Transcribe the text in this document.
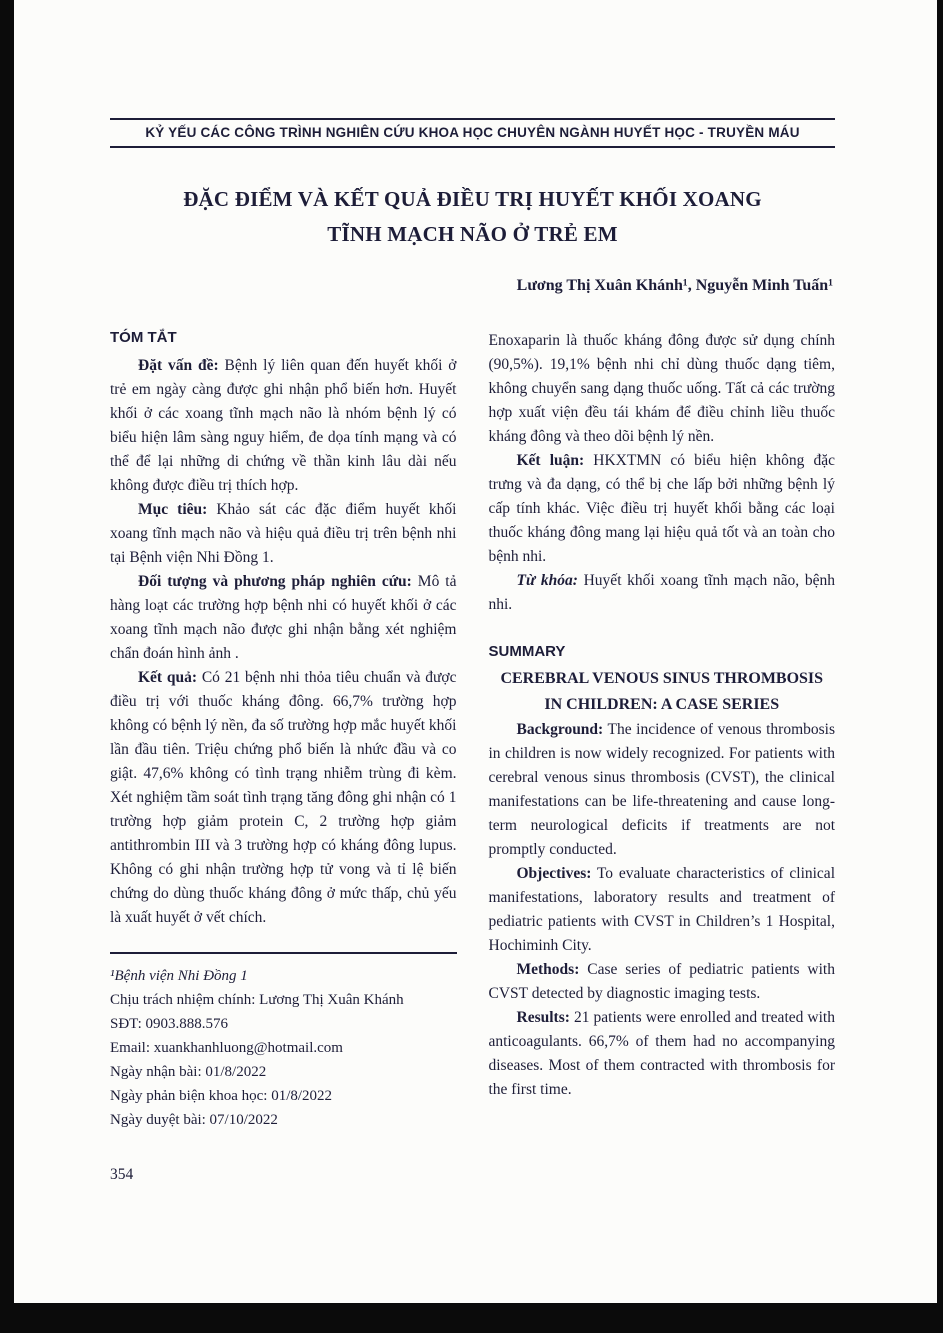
KỶ YẾU CÁC CÔNG TRÌNH NGHIÊN CỨU KHOA HỌC CHUYÊN NGÀNH HUYẾT HỌC - TRUYỀN MÁU
ĐẶC ĐIỂM VÀ KẾT QUẢ ĐIỀU TRỊ HUYẾT KHỐI XOANG
TĨNH MẠCH NÃO Ở TRẺ EM
Lương Thị Xuân Khánh¹, Nguyễn Minh Tuấn¹
TÓM TẮT

Đặt vấn đề: Bệnh lý liên quan đến huyết khối ở trẻ em ngày càng được ghi nhận phổ biến hơn. Huyết khối ở các xoang tĩnh mạch não là nhóm bệnh lý có biểu hiện lâm sàng nguy hiểm, đe dọa tính mạng và có thể để lại những di chứng về thần kinh lâu dài nếu không được điều trị thích hợp.

Mục tiêu: Khảo sát các đặc điểm huyết khối xoang tĩnh mạch não và hiệu quả điều trị trên bệnh nhi tại Bệnh viện Nhi Đồng 1.

Đối tượng và phương pháp nghiên cứu: Mô tả hàng loạt các trường hợp bệnh nhi có huyết khối ở các xoang tĩnh mạch não được ghi nhận bằng xét nghiệm chẩn đoán hình ảnh .

Kết quả: Có 21 bệnh nhi thỏa tiêu chuẩn và được điều trị với thuốc kháng đông. 66,7% trường hợp không có bệnh lý nền, đa số trường hợp mắc huyết khối lần đầu tiên. Triệu chứng phổ biến là nhức đầu và co giật. 47,6% không có tình trạng nhiễm trùng đi kèm. Xét nghiệm tầm soát tình trạng tăng đông ghi nhận có 1 trường hợp giảm protein C, 2 trường hợp giảm antithrombin III và 3 trường hợp có kháng đông lupus. Không có ghi nhận trường hợp tử vong và tỉ lệ biến chứng do dùng thuốc kháng đông ở mức thấp, chủ yếu là xuất huyết ở vết chích.

¹Bệnh viện Nhi Đồng 1
Chịu trách nhiệm chính: Lương Thị Xuân Khánh
SĐT: 0903.888.576
Email: xuankhanhluong@hotmail.com
Ngày nhận bài: 01/8/2022
Ngày phản biện khoa học: 01/8/2022
Ngày duyệt bài: 07/10/2022
354

Enoxaparin là thuốc kháng đông được sử dụng chính (90,5%). 19,1% bệnh nhi chỉ dùng thuốc dạng tiêm, không chuyển sang dạng thuốc uống. Tất cả các trường hợp xuất viện đều tái khám để điều chỉnh liều thuốc kháng đông và theo dõi bệnh lý nền.

Kết luận: HKXTMN có biểu hiện không đặc trưng và đa dạng, có thể bị che lấp bởi những bệnh lý cấp tính khác. Việc điều trị huyết khối bằng các loại thuốc kháng đông mang lại hiệu quả tốt và an toàn cho bệnh nhi.

Từ khóa: Huyết khối xoang tĩnh mạch não, bệnh nhi.

SUMMARY
CEREBRAL VENOUS SINUS THROMBOSIS IN CHILDREN: A CASE SERIES

Background: The incidence of venous thrombosis in children is now widely recognized. For patients with cerebral venous sinus thrombosis (CVST), the clinical manifestations can be life-threatening and cause long-term neurological deficits if treatments are not promptly conducted.

Objectives: To evaluate characteristics of clinical manifestations, laboratory results and treatment of pediatric patients with CVST in Children’s 1 Hospital, Hochiminh City.

Methods: Case series of pediatric patients with CVST detected by diagnostic imaging tests.

Results: 21 patients were enrolled and treated with anticoagulants. 66,7% of them had no accompanying diseases. Most of them contracted with thrombosis for the first time.
